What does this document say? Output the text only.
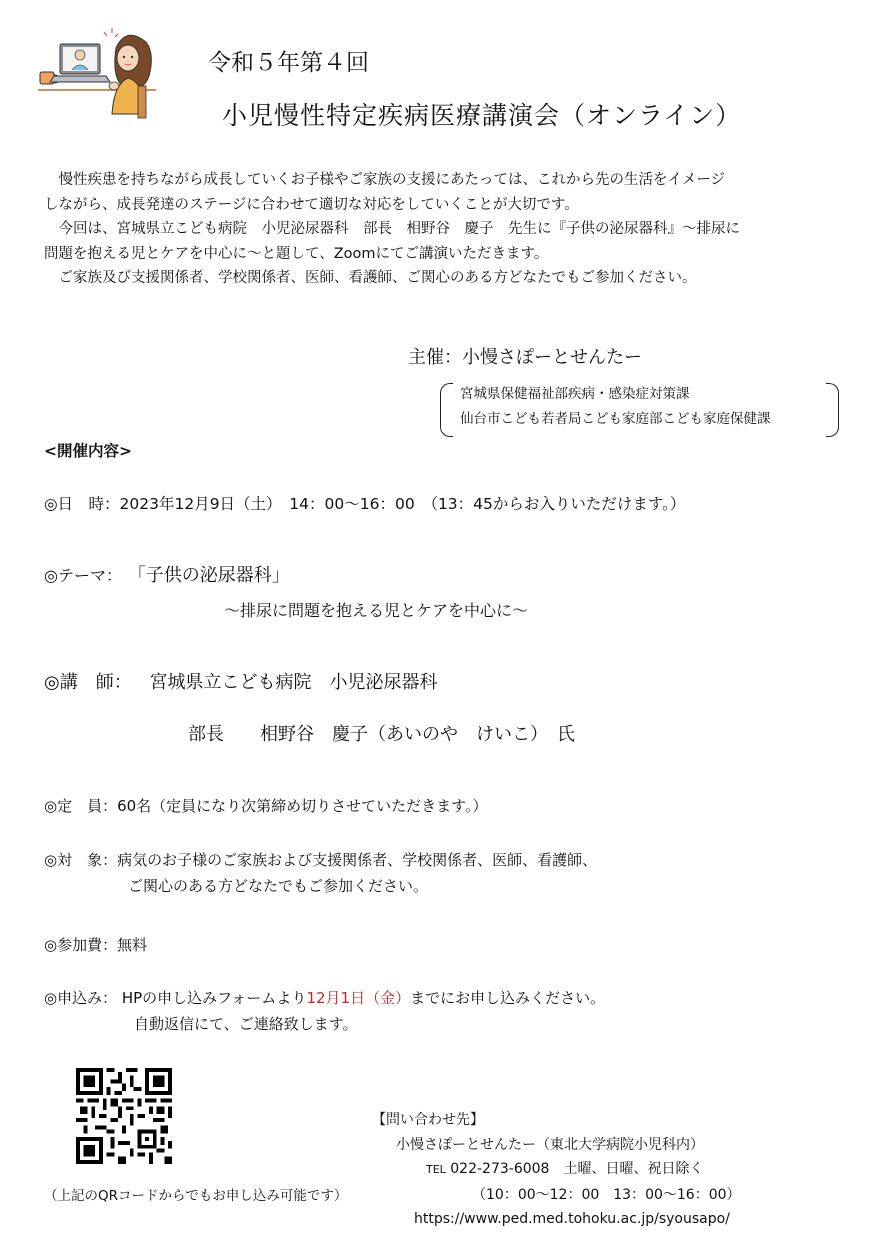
令和５年第４回
小児慢性特定疾病医療講演会（オンライン）
　慢性疾患を持ちながら成長していくお子様やご家族の支援にあたっては、これから先の生活をイメージ
しながら、成長発達のステージに合わせて適切な対応をしていくことが大切です。
　今回は、宮城県立こども病院　小児泌尿器科　部長　相野谷　慶子　先生に『子供の泌尿器科』～排尿に
問題を抱える児とケアを中心に～と題して、Zoomにてご講演いただきます。
　ご家族及び支援関係者、学校関係者、医師、看護師、ご関心のある方どなたでもご参加ください。
主催：小慢さぽーとせんたー
宮城県保健福祉部疾病・感染症対策課
仙台市こども若者局こども家庭部こども家庭保健課
<開催内容>
◎日　時：2023年12月9日（土）　14：00～16：00　（13：45からお入りいただけます。）
◎テーマ： 「子供の泌尿器科」
～排尿に問題を抱える児とケアを中心に～
◎講　師： 宮城県立こども病院　小児泌尿器科
部長　　相野谷　慶子（あいのや　けいこ）　氏
◎定　員：60名（定員になり次第締め切りさせていただきます。）
◎対　象：病気のお子様のご家族および支援関係者、学校関係者、医師、看護師、
ご関心のある方どなたでもご参加ください。
◎参加費：無料
◎申込み： HPの申し込みフォームより12月1日（金）までにお申し込みください。
自動返信にて、ご連絡致します。
（上記のQRコードからでもお申し込み可能です）
【問い合わせ先】
小慢さぽーとせんたー（東北大学病院小児科内）
TEL 022-273-6008　土曜、日曜、祝日除く
（10：00～12：00　13：00～16：00）
https://www.ped.med.tohoku.ac.jp/syousapo/
